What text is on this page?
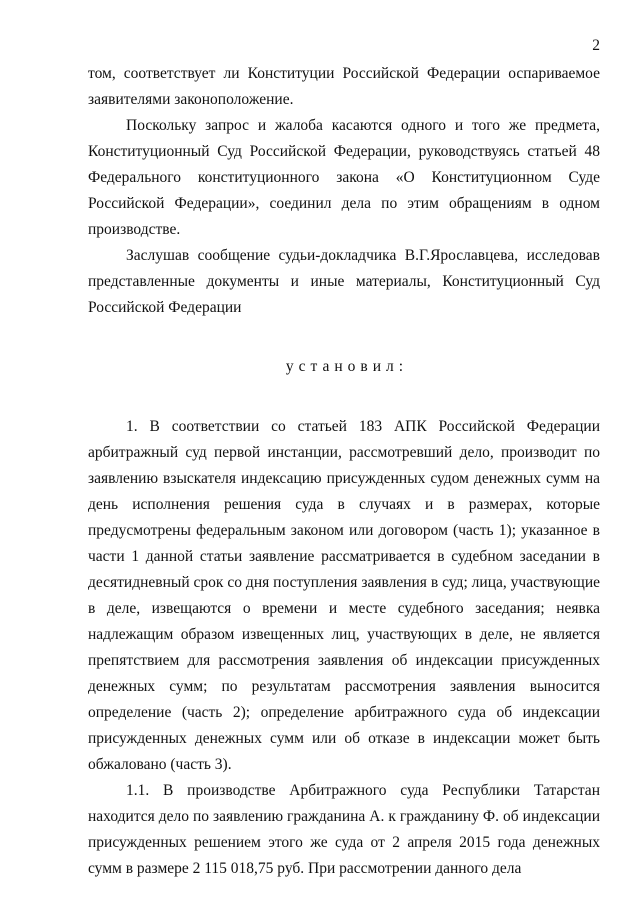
2

том, соответствует ли Конституции Российской Федерации оспариваемое заявителями законоположение.

Поскольку запрос и жалоба касаются одного и того же предмета, Конституционный Суд Российской Федерации, руководствуясь статьей 48 Федерального конституционного закона «О Конституционном Суде Российской Федерации», соединил дела по этим обращениям в одном производстве.

Заслушав сообщение судьи-докладчика В.Г.Ярославцева, исследовав представленные документы и иные материалы, Конституционный Суд Российской Федерации

установил:

1. В соответствии со статьей 183 АПК Российской Федерации арбитражный суд первой инстанции, рассмотревший дело, производит по заявлению взыскателя индексацию присужденных судом денежных сумм на день исполнения решения суда в случаях и в размерах, которые предусмотрены федеральным законом или договором (часть 1); указанное в части 1 данной статьи заявление рассматривается в судебном заседании в десятидневный срок со дня поступления заявления в суд; лица, участвующие в деле, извещаются о времени и месте судебного заседания; неявка надлежащим образом извещенных лиц, участвующих в деле, не является препятствием для рассмотрения заявления об индексации присужденных денежных сумм; по результатам рассмотрения заявления выносится определение (часть 2); определение арбитражного суда об индексации присужденных денежных сумм или об отказе в индексации может быть обжаловано (часть 3).

1.1. В производстве Арбитражного суда Республики Татарстан находится дело по заявлению гражданина А. к гражданину Ф. об индексации присужденных решением этого же суда от 2 апреля 2015 года денежных сумм в размере 2 115 018,75 руб. При рассмотрении данного дела
